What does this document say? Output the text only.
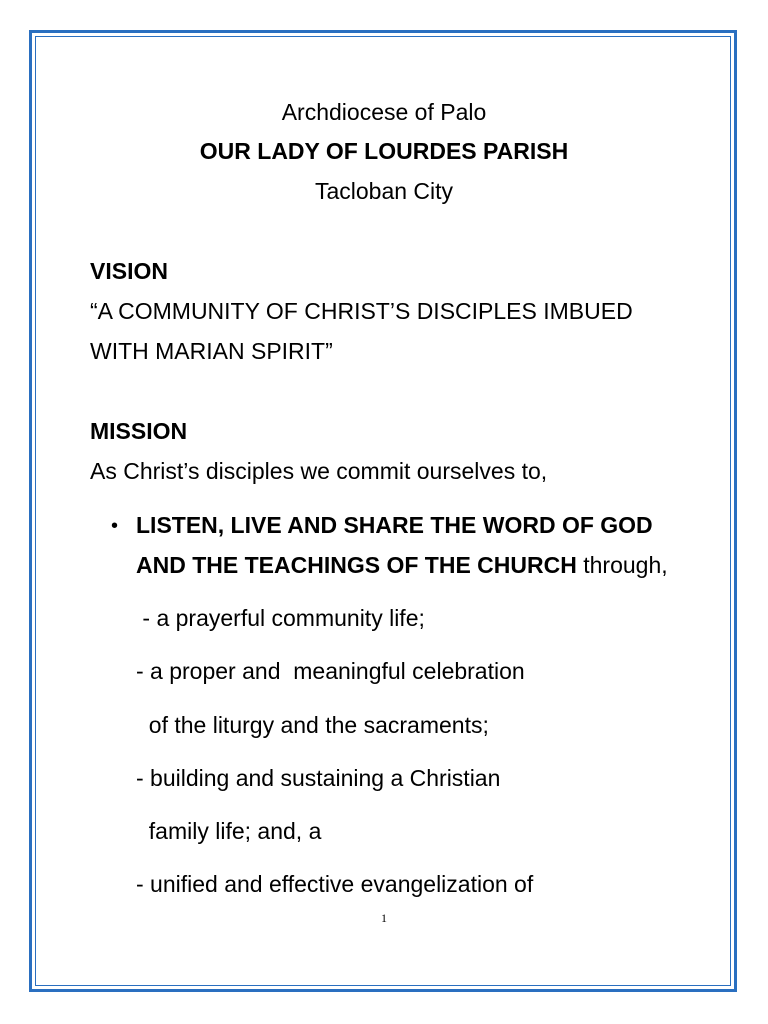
Archdiocese of Palo
OUR LADY OF LOURDES PARISH
Tacloban City
VISION
“A COMMUNITY OF CHRIST’S DISCIPLES IMBUED
WITH MARIAN SPIRIT”
MISSION
As Christ’s disciples we commit ourselves to,
• LISTEN, LIVE AND SHARE THE WORD OF GOD
AND THE TEACHINGS OF THE CHURCH through,
- a prayerful community life;
- a proper and  meaningful celebration
of the liturgy and the sacraments;
- building and sustaining a Christian
family life; and, a
- unified and effective evangelization of
1
